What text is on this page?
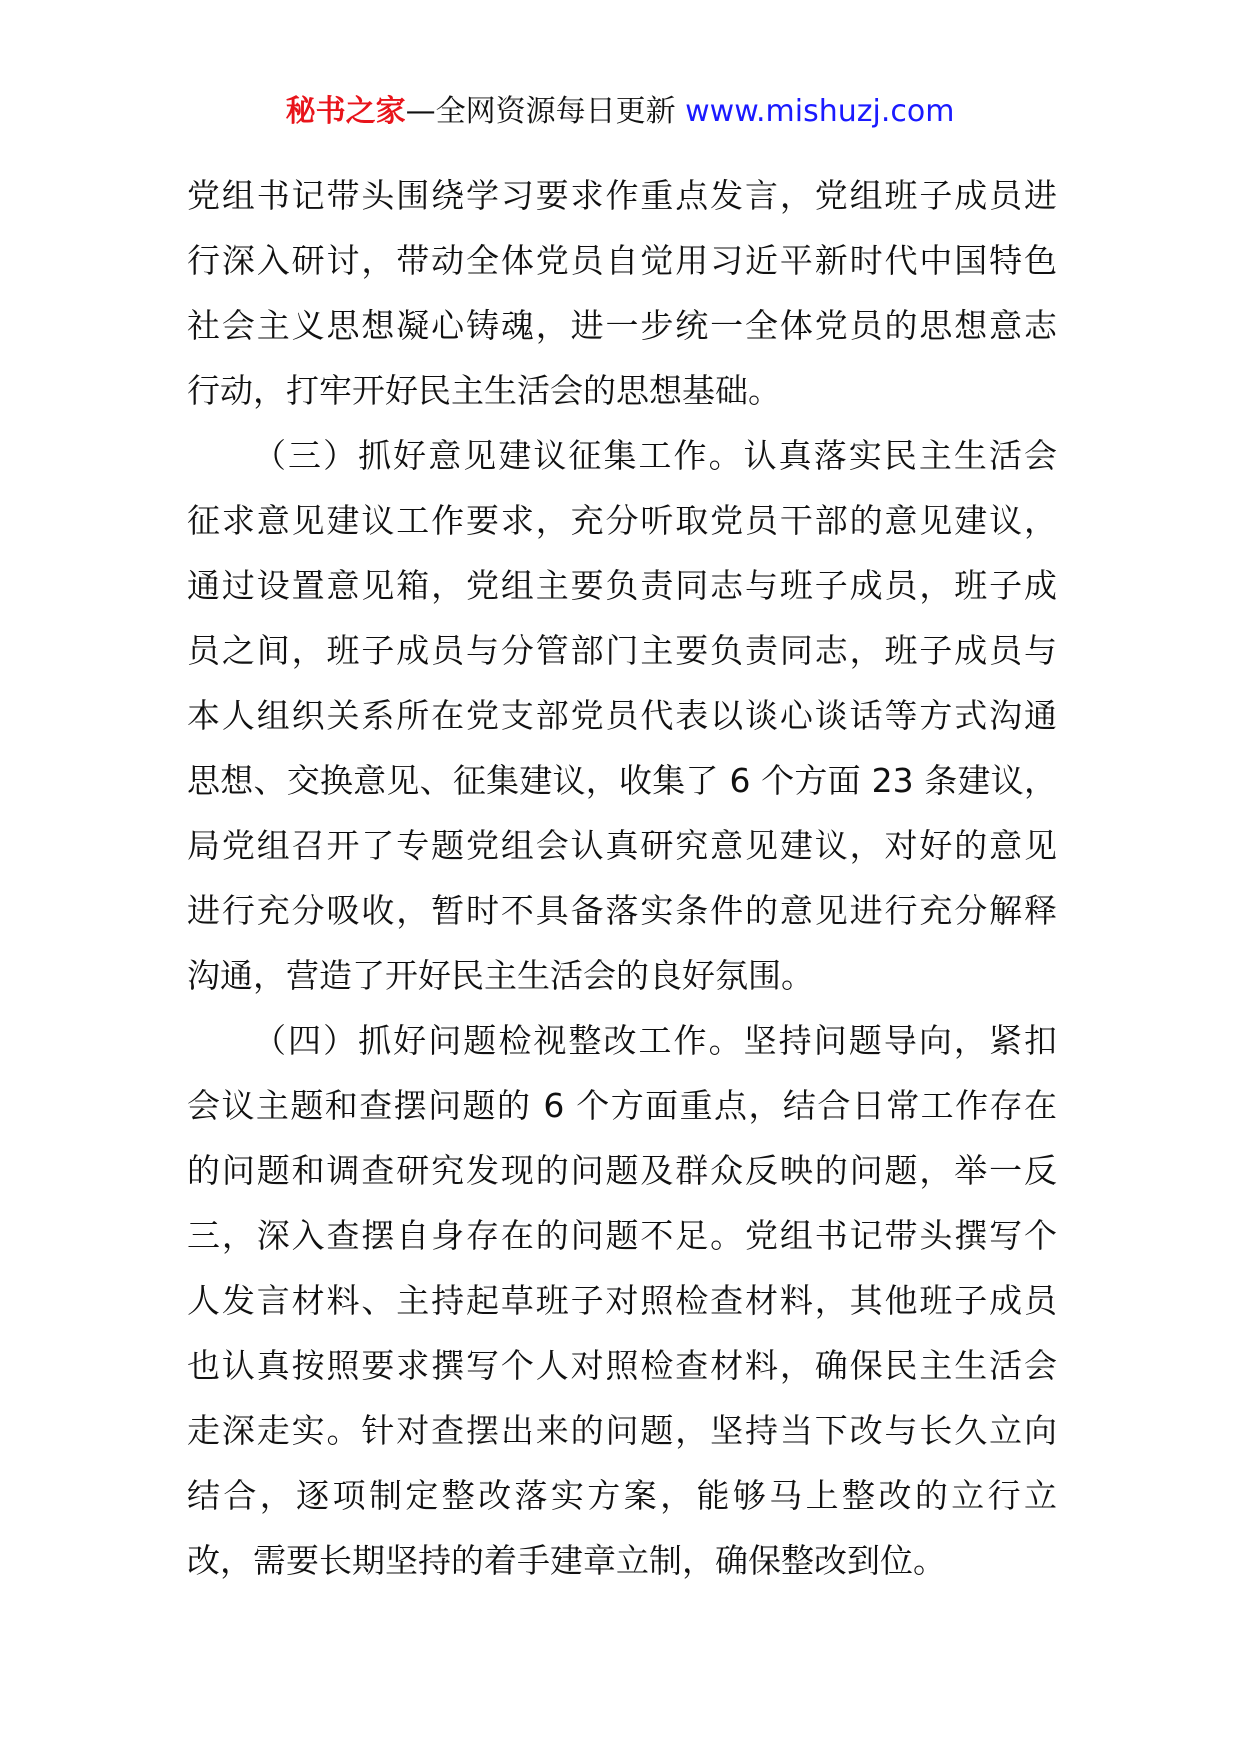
秘书之家—全网资源每日更新 www.mishuzj.com
党组书记带头围绕学习要求作重点发言，党组班子成员进
行深入研讨，带动全体党员自觉用习近平新时代中国特色
社会主义思想凝心铸魂，进一步统一全体党员的思想意志
行动，打牢开好民主生活会的思想基础。
（三）抓好意见建议征集工作。认真落实民主生活会
征求意见建议工作要求，充分听取党员干部的意见建议，
通过设置意见箱，党组主要负责同志与班子成员，班子成
员之间，班子成员与分管部门主要负责同志，班子成员与
本人组织关系所在党支部党员代表以谈心谈话等方式沟通
思想、交换意见、征集建议，收集了 6 个方面 23 条建议，
局党组召开了专题党组会认真研究意见建议，对好的意见
进行充分吸收，暂时不具备落实条件的意见进行充分解释
沟通，营造了开好民主生活会的良好氛围。
（四）抓好问题检视整改工作。坚持问题导向，紧扣
会议主题和查摆问题的 6 个方面重点，结合日常工作存在
的问题和调查研究发现的问题及群众反映的问题，举一反
三，深入查摆自身存在的问题不足。党组书记带头撰写个
人发言材料、主持起草班子对照检查材料，其他班子成员
也认真按照要求撰写个人对照检查材料，确保民主生活会
走深走实。针对查摆出来的问题，坚持当下改与长久立向
结合，逐项制定整改落实方案，能够马上整改的立行立
改，需要长期坚持的着手建章立制，确保整改到位。
